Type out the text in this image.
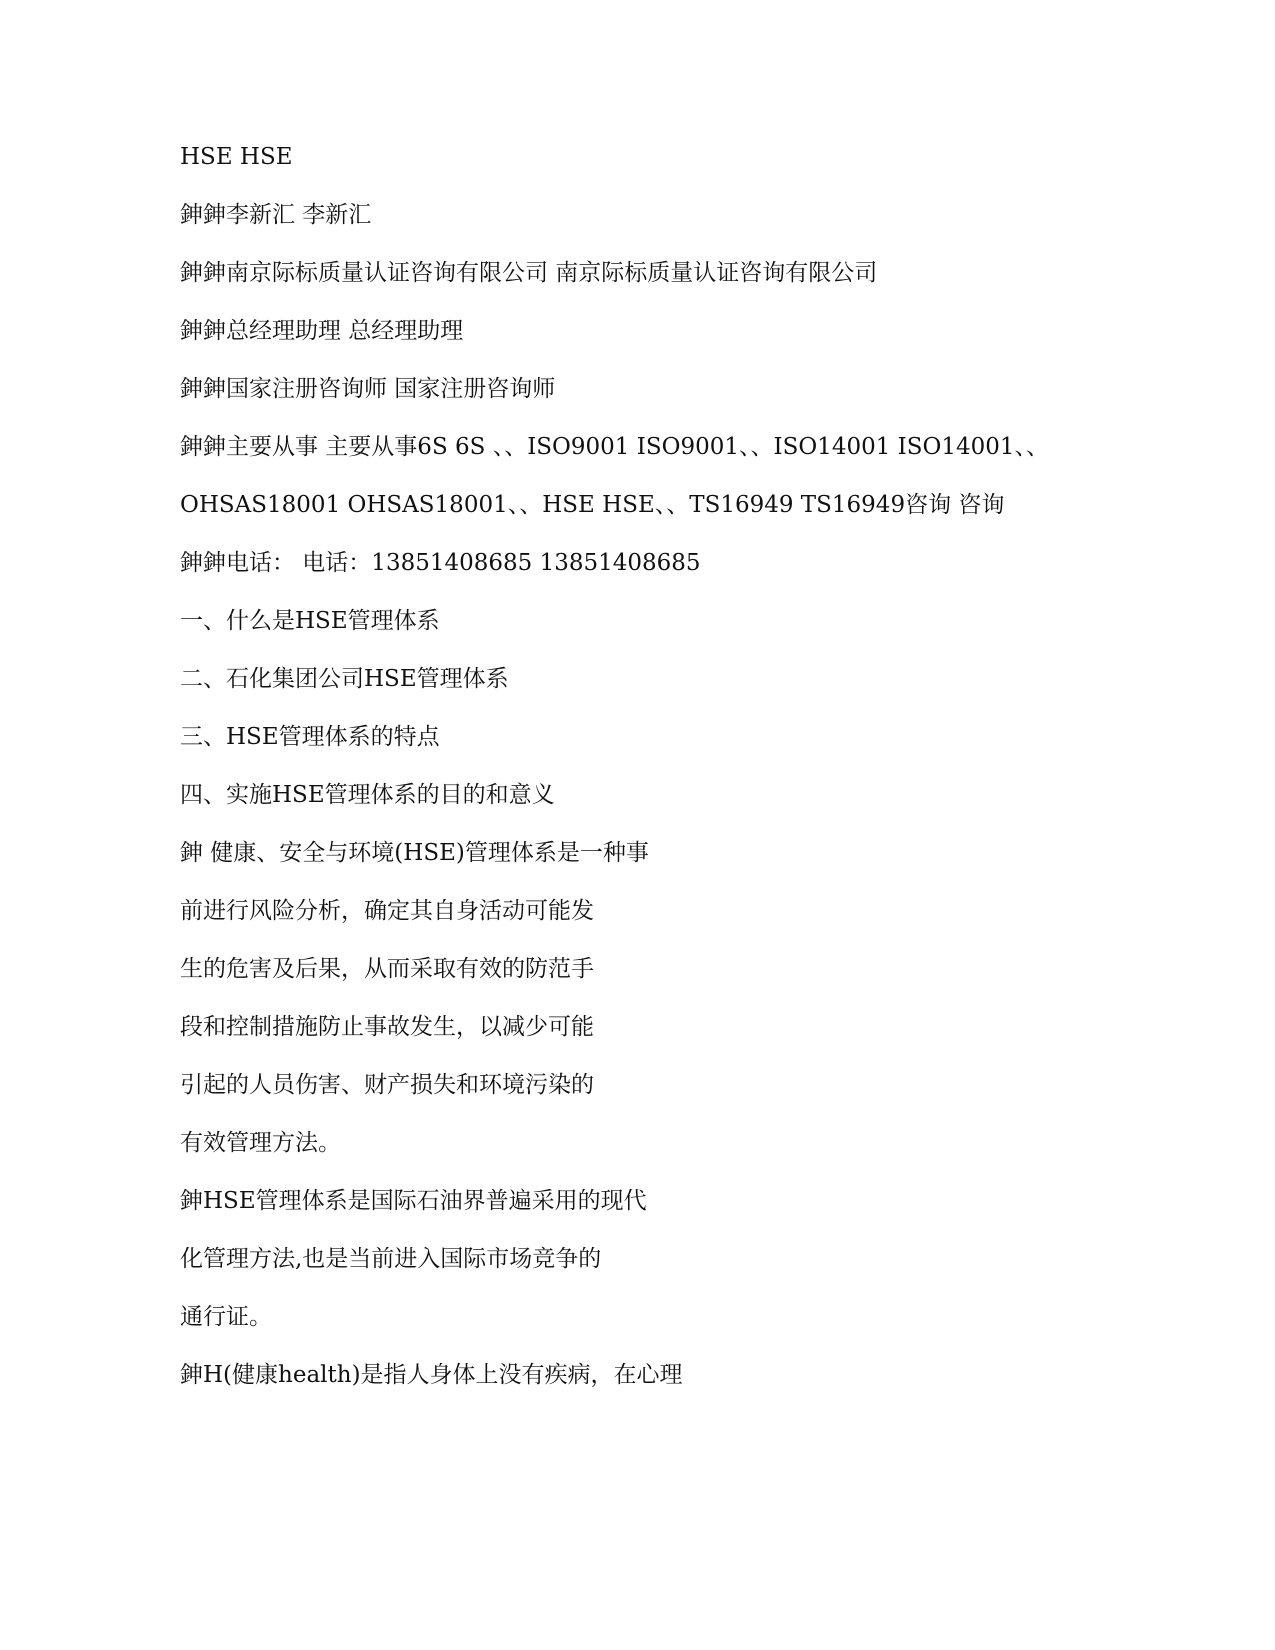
HSE HSE

鉮鉮李新汇 李新汇

鉮鉮南京际标质量认证咨询有限公司 南京际标质量认证咨询有限公司

鉮鉮总经理助理 总经理助理

鉮鉮国家注册咨询师 国家注册咨询师

鉮鉮主要从事 主要从事6S 6S 、、ISO9001 ISO9001、、ISO14001 ISO14001、、

OHSAS18001 OHSAS18001、、HSE HSE、、TS16949 TS16949咨询 咨询

鉮鉮电话： 电话：13851408685 13851408685

一、什么是HSE管理体系

二、石化集团公司HSE管理体系

三、HSE管理体系的特点

四、实施HSE管理体系的目的和意义

鉮 健康、安全与环境(HSE)管理体系是一种事

前进行风险分析，确定其自身活动可能发

生的危害及后果，从而采取有效的防范手

段和控制措施防止事故发生，以减少可能

引起的人员伤害、财产损失和环境污染的

有效管理方法。

鉮HSE管理体系是国际石油界普遍采用的现代

化管理方法,也是当前进入国际市场竞争的

通行证。

鉮H(健康health)是指人身体上没有疾病，在心理
